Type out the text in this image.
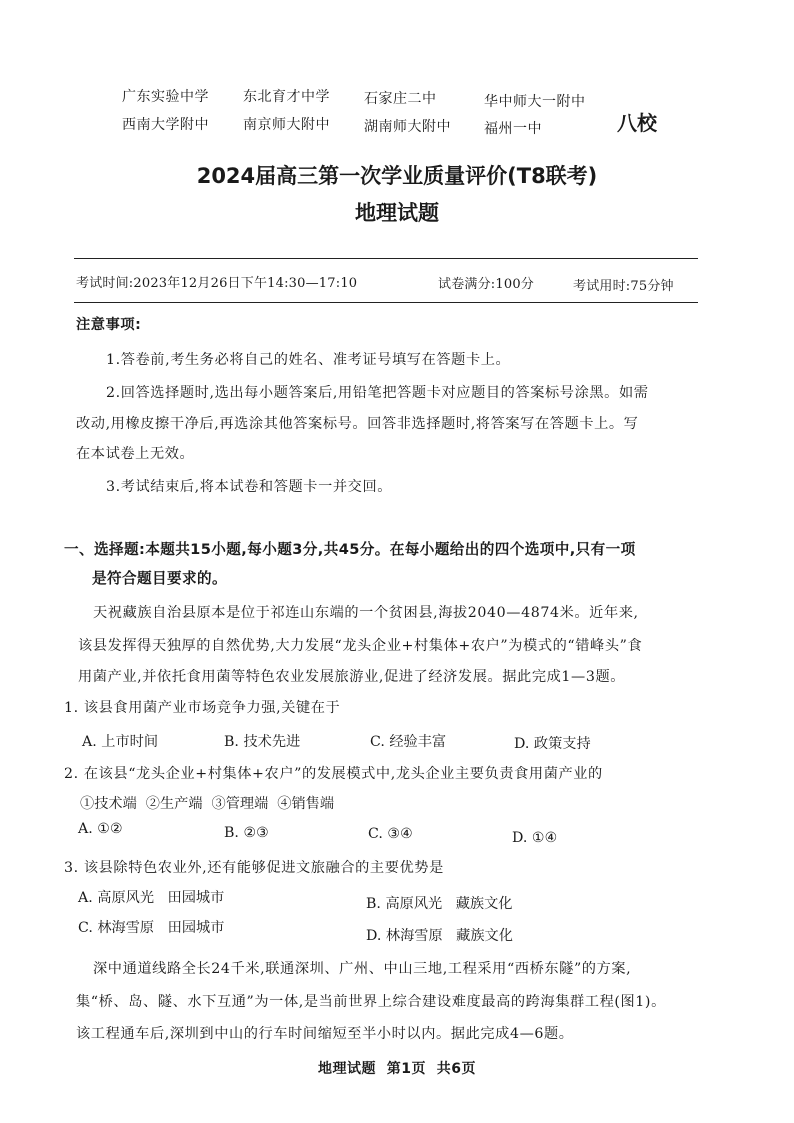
广东实验中学 东北育才中学 石家庄二中	华中师大一附中
西南大学附中 南京师大附中 湖南师大附中 福州一中	八校
2024届高三第一次学业质量评价(T8联考)
地理试题
考试时间:2023年12月26日下午14:30—17:10	试卷满分:100分	考试用时:75分钟
注意事项:
1.答卷前,考生务必将自己的姓名、准考证号填写在答题卡上。
2.回答选择题时,选出每小题答案后,用铅笔把答题卡对应题目的答案标号涂黑。如需
改动,用橡皮擦干净后,再选涂其他答案标号。回答非选择题时,将答案写在答题卡上。写
在本试卷上无效。
3.考试结束后,将本试卷和答题卡一并交回。
一、选择题:本题共15小题,每小题3分,共45分。在每小题给出的四个选项中,只有一项
是符合题目要求的。
天祝藏族自治县原本是位于祁连山东端的一个贫困县,海拔2040—4874米。近年来,
该县发挥得天独厚的自然优势,大力发展“龙头企业+村集体+农户”为模式的“错峰头”食
用菌产业,并依托食用菌等特色农业发展旅游业,促进了经济发展。据此完成1—3题。
1. 该县食用菌产业市场竞争力强,关键在于
A. 上市时间	B. 技术先进	C. 经验丰富	D. 政策支持
2. 在该县“龙头企业+村集体+农户”的发展模式中,龙头企业主要负责食用菌产业的
①技术端  ②生产端  ③管理端  ④销售端
A. ①②	B. ②③	C. ③④	D. ①④
3. 该县除特色农业外,还有能够促进文旅融合的主要优势是
A. 高原风光   田园城市	B. 高原风光   藏族文化
C. 林海雪原   田园城市	D. 林海雪原   藏族文化
深中通道线路全长24千米,联通深圳、广州、中山三地,工程采用“西桥东隧”的方案,
集“桥、岛、隧、水下互通”为一体,是当前世界上综合建设难度最高的跨海集群工程(图1)。
该工程通车后,深圳到中山的行车时间缩短至半小时以内。据此完成4—6题。
地理试题  第1页  共6页
